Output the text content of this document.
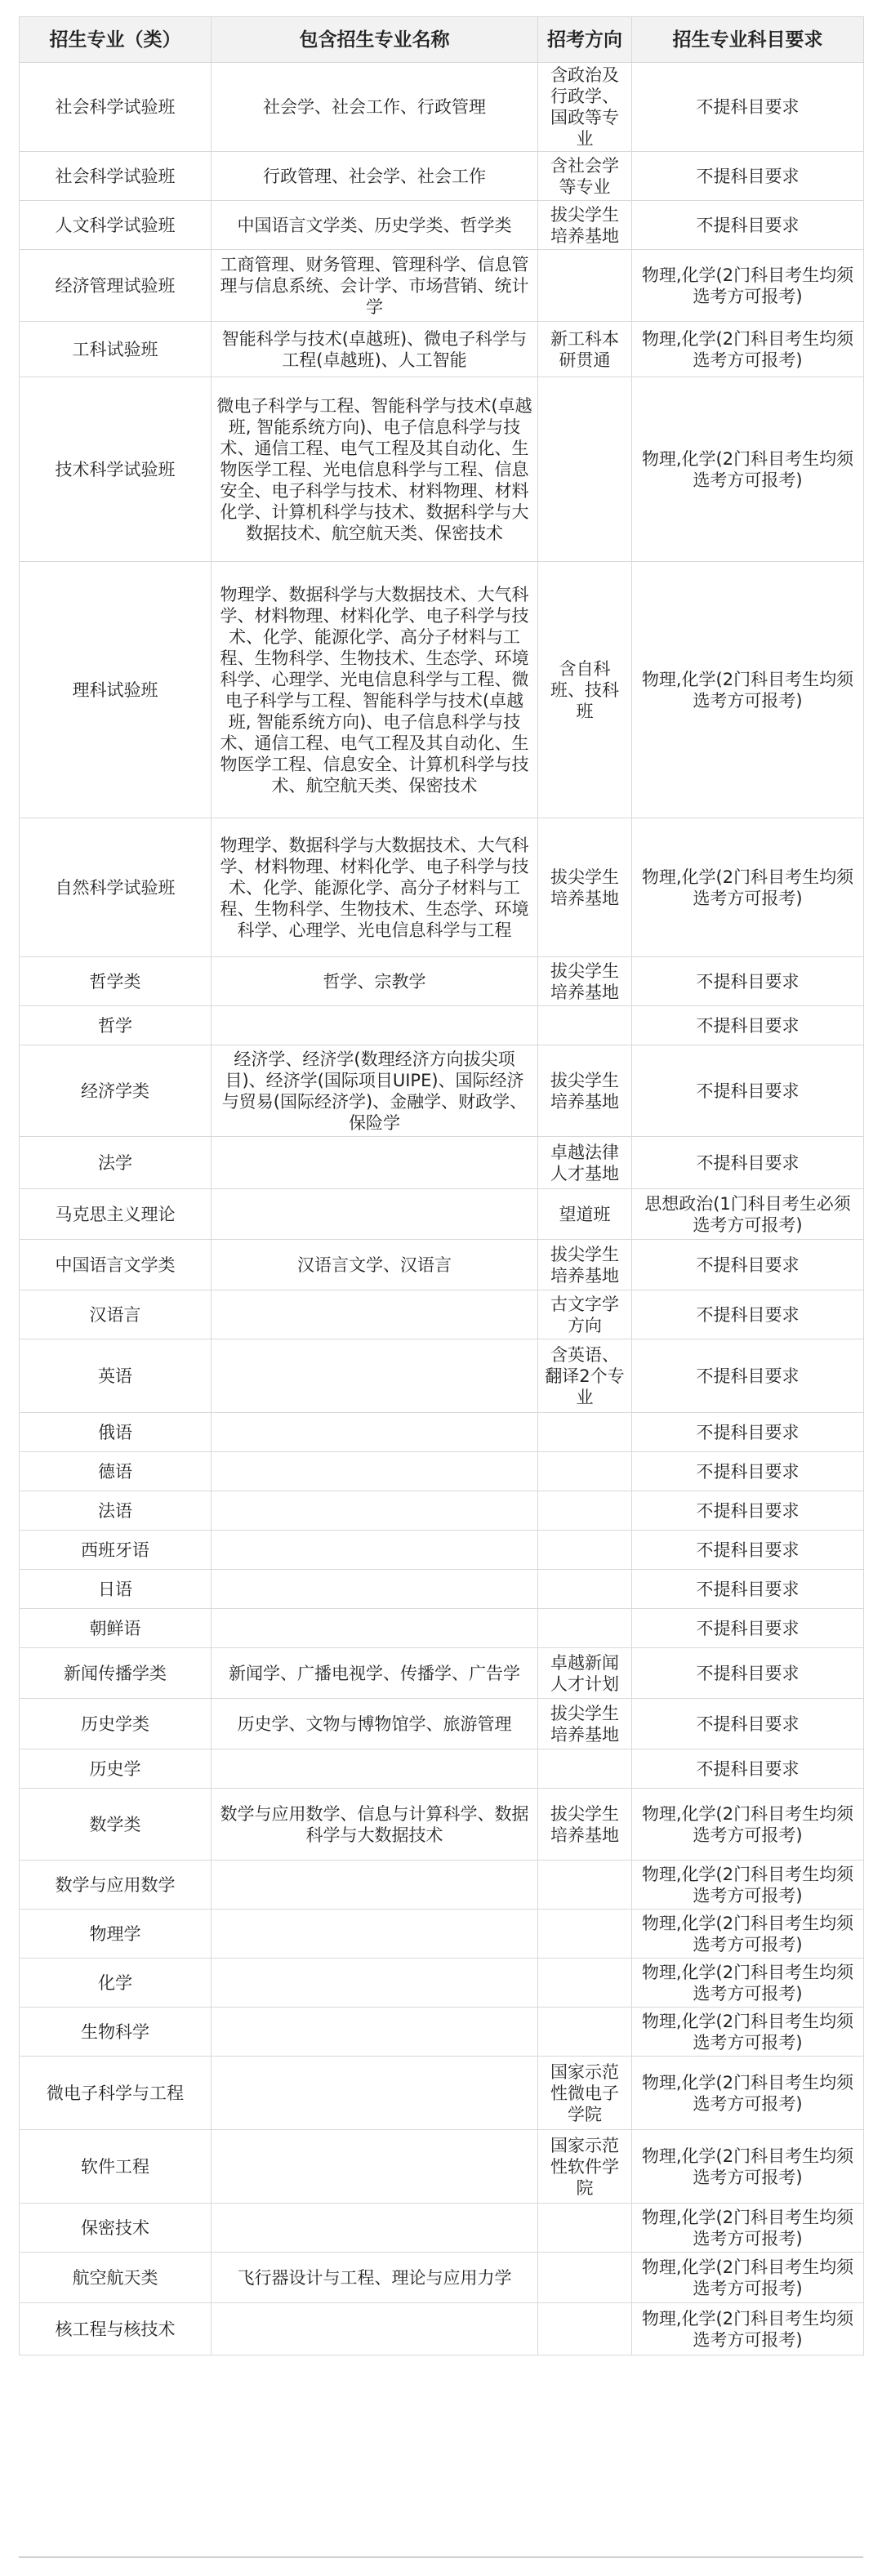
招生专业（类）	包含招生专业名称	招考方向	招生专业科目要求
社会科学试验班	社会学、社会工作、行政管理	含政治及行政学、国政等专业	不提科目要求
社会科学试验班	行政管理、社会学、社会工作	含社会学等专业	不提科目要求
人文科学试验班	中国语言文学类、历史学类、哲学类	拔尖学生培养基地	不提科目要求
经济管理试验班	工商管理、财务管理、管理科学、信息管理与信息系统、会计学、市场营销、统计学		物理,化学(2门科目考生均须选考方可报考)
工科试验班	智能科学与技术(卓越班)、微电子科学与工程(卓越班)、人工智能	新工科本研贯通	物理,化学(2门科目考生均须选考方可报考)
技术科学试验班	微电子科学与工程、智能科学与技术(卓越班, 智能系统方向)、电子信息科学与技术、通信工程、电气工程及其自动化、生物医学工程、光电信息科学与工程、信息安全、电子科学与技术、材料物理、材料化学、计算机科学与技术、数据科学与大数据技术、航空航天类、保密技术		物理,化学(2门科目考生均须选考方可报考)
理科试验班	物理学、数据科学与大数据技术、大气科学、材料物理、材料化学、电子科学与技术、化学、能源化学、高分子材料与工程、生物科学、生物技术、生态学、环境科学、心理学、光电信息科学与工程、微电子科学与工程、智能科学与技术(卓越班, 智能系统方向)、电子信息科学与技术、通信工程、电气工程及其自动化、生物医学工程、信息安全、计算机科学与技术、航空航天类、保密技术	含自科班、技科班	物理,化学(2门科目考生均须选考方可报考)
自然科学试验班	物理学、数据科学与大数据技术、大气科学、材料物理、材料化学、电子科学与技术、化学、能源化学、高分子材料与工程、生物科学、生物技术、生态学、环境科学、心理学、光电信息科学与工程	拔尖学生培养基地	物理,化学(2门科目考生均须选考方可报考)
哲学类	哲学、宗教学	拔尖学生培养基地	不提科目要求
哲学			不提科目要求
经济学类	经济学、经济学(数理经济方向拔尖项目)、经济学(国际项目UIPE)、国际经济与贸易(国际经济学)、金融学、财政学、保险学	拔尖学生培养基地	不提科目要求
法学		卓越法律人才基地	不提科目要求
马克思主义理论		望道班	思想政治(1门科目考生必须选考方可报考)
中国语言文学类	汉语言文学、汉语言	拔尖学生培养基地	不提科目要求
汉语言		古文字学方向	不提科目要求
英语		含英语、翻译2个专业	不提科目要求
俄语			不提科目要求
德语			不提科目要求
法语			不提科目要求
西班牙语			不提科目要求
日语			不提科目要求
朝鲜语			不提科目要求
新闻传播学类	新闻学、广播电视学、传播学、广告学	卓越新闻人才计划	不提科目要求
历史学类	历史学、文物与博物馆学、旅游管理	拔尖学生培养基地	不提科目要求
历史学			不提科目要求
数学类	数学与应用数学、信息与计算科学、数据科学与大数据技术	拔尖学生培养基地	物理,化学(2门科目考生均须选考方可报考)
数学与应用数学			物理,化学(2门科目考生均须选考方可报考)
物理学			物理,化学(2门科目考生均须选考方可报考)
化学			物理,化学(2门科目考生均须选考方可报考)
生物科学			物理,化学(2门科目考生均须选考方可报考)
微电子科学与工程		国家示范性微电子学院	物理,化学(2门科目考生均须选考方可报考)
软件工程		国家示范性软件学院	物理,化学(2门科目考生均须选考方可报考)
保密技术			物理,化学(2门科目考生均须选考方可报考)
航空航天类	飞行器设计与工程、理论与应用力学		物理,化学(2门科目考生均须选考方可报考)
核工程与核技术			物理,化学(2门科目考生均须选考方可报考)
